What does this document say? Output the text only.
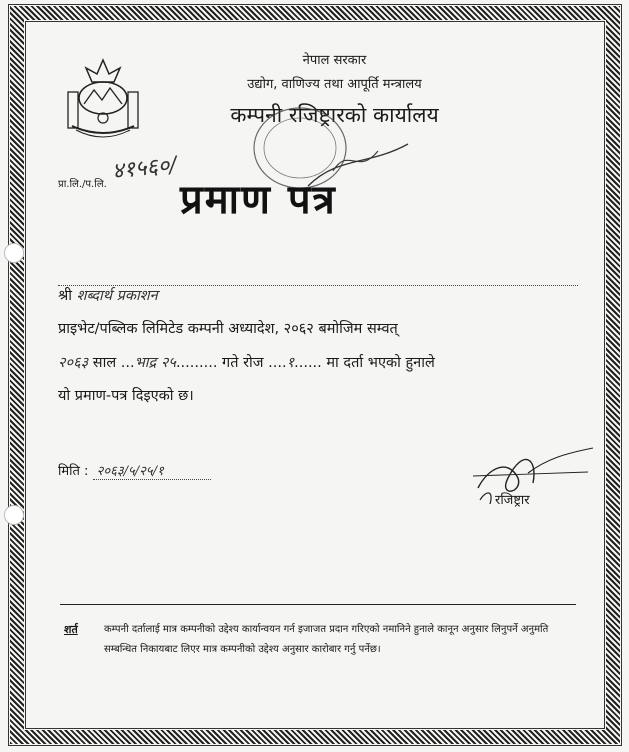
नेपाल सरकार
उद्योग, वाणिज्य तथा आपूर्ति मन्त्रालय
कम्पनी रजिष्ट्रारको कार्यालय
प्रा.लि./प.लि.
४१५६०/
प्रमाण पत्र
श्री शब्दार्थ प्रकाशन
प्राइभेट/पब्लिक लिमिटेड कम्पनी अध्यादेश, २०६२ बमोजिम सम्वत्
२०६३ साल ...भाद्र २५......... गते रोज ....१...... मा दर्ता भएको हुनाले
यो प्रमाण-पत्र दिइएको छ।
मिति : २०६३/५/२५/१
रजिष्ट्रार
शर्त	कम्पनी दर्तालाई मात्र कम्पनीको उद्देश्य कार्यान्वयन गर्न इजाजत प्रदान गरिएको नमानिने हुनाले कानून अनुसार लिनुपर्ने अनुमति सम्बन्धित निकायबाट लिएर मात्र कम्पनीको उद्देश्य अनुसार कारोबार गर्नु पर्नेछ।
